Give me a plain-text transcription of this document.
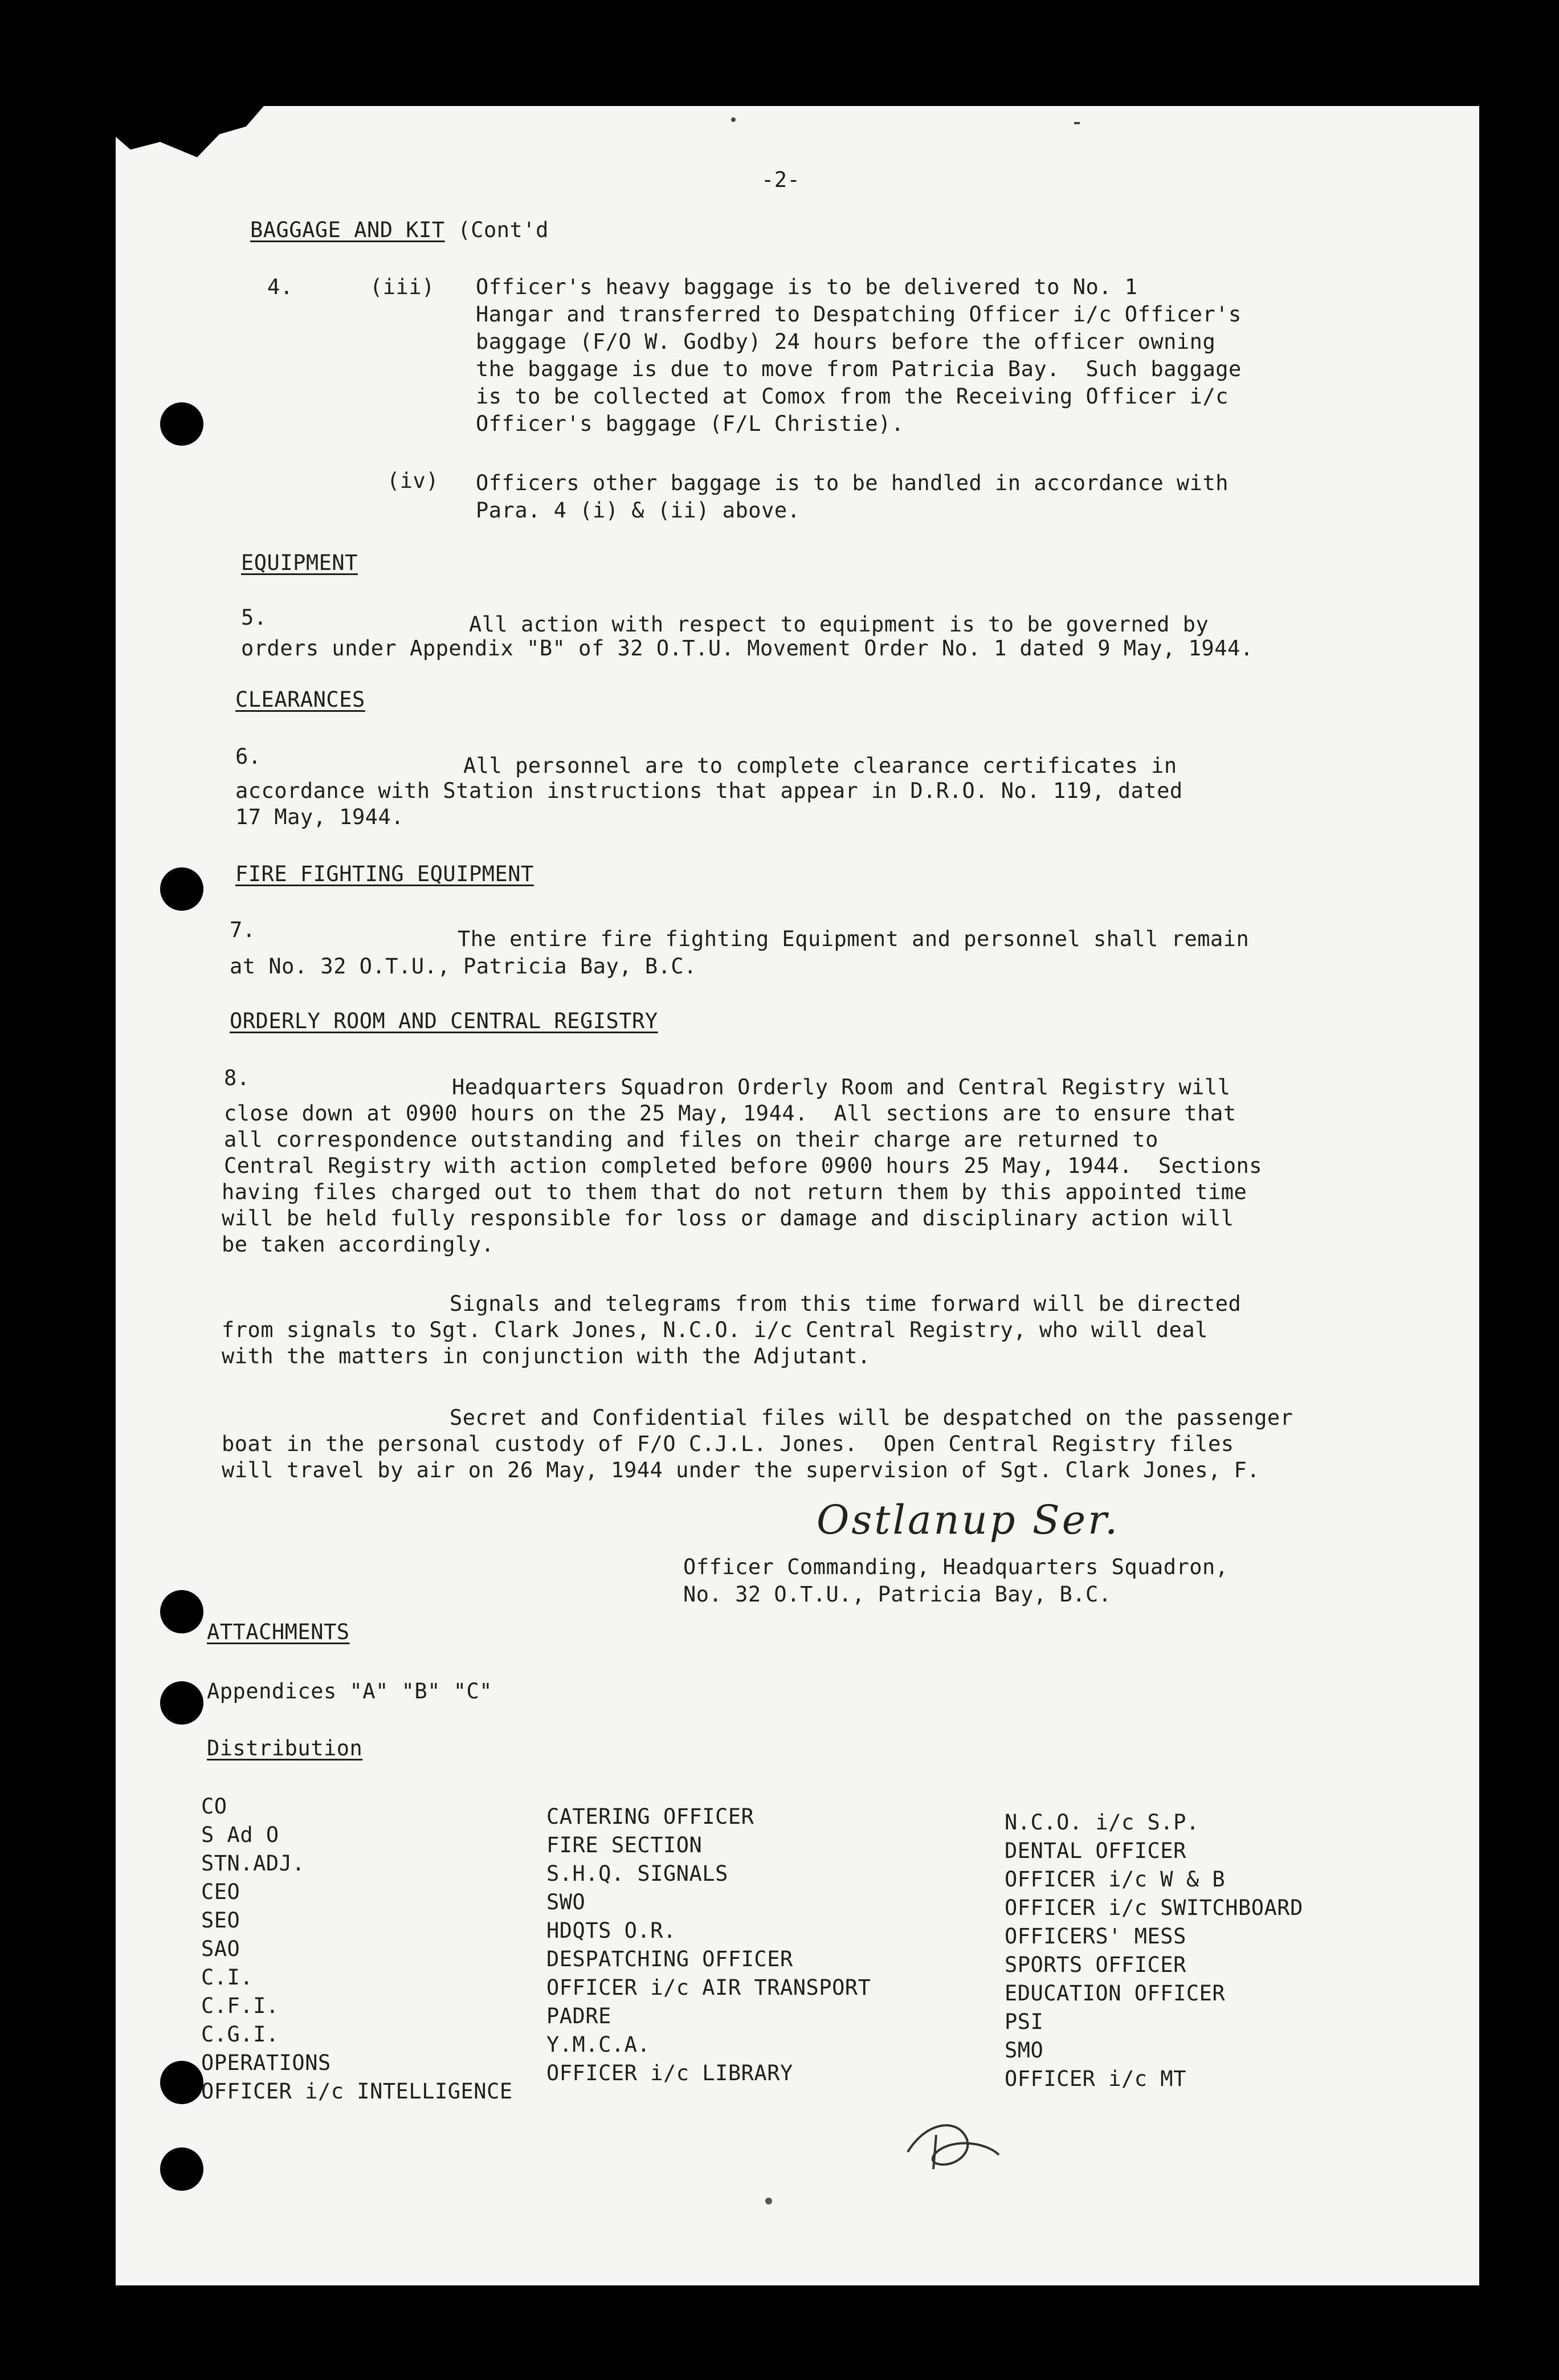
-2-
BAGGAGE AND KIT (Cont'd
4.	(iii) Officer's heavy baggage is to be delivered to No. 1
Hangar and transferred to Despatching Officer i/c Officer's
baggage (F/O W. Godby) 24 hours before the officer owning
the baggage is due to move from Patricia Bay.  Such baggage
is to be collected at Comox from the Receiving Officer i/c
Officer's baggage (F/L Christie).
(iv) Officers other baggage is to be handled in accordance with
Para. 4 (i) & (ii) above.
EQUIPMENT
5.	All action with respect to equipment is to be governed by
orders under Appendix "B" of 32 O.T.U. Movement Order No. 1 dated 9 May, 1944.
CLEARANCES
6.	All personnel are to complete clearance certificates in
accordance with Station instructions that appear in D.R.O. No. 119, dated
17 May, 1944.
FIRE FIGHTING EQUIPMENT
7.	The entire fire fighting Equipment and personnel shall remain
at No. 32 O.T.U., Patricia Bay, B.C.
ORDERLY ROOM AND CENTRAL REGISTRY
8.	Headquarters Squadron Orderly Room and Central Registry will
close down at 0900 hours on the 25 May, 1944.  All sections are to ensure that
all correspondence outstanding and files on their charge are returned to
Central Registry with action completed before 0900 hours 25 May, 1944.  Sections
having files charged out to them that do not return them by this appointed time
will be held fully responsible for loss or damage and disciplinary action will
be taken accordingly.
Signals and telegrams from this time forward will be directed
from signals to Sgt. Clark Jones, N.C.O. i/c Central Registry, who will deal
with the matters in conjunction with the Adjutant.
Secret and Confidential files will be despatched on the passenger
boat in the personal custody of F/O C.J.L. Jones.  Open Central Registry files
will travel by air on 26 May, 1944 under the supervision of Sgt. Clark Jones, F.
Ostlanup Ser.
Officer Commanding, Headquarters Squadron,
No. 32 O.T.U., Patricia Bay, B.C.
ATTACHMENTS
Appendices "A" "B" "C"
Distribution
CO
S Ad O
STN.ADJ.
CEO
SEO
SAO
C.I.
C.F.I.
C.G.I.
OPERATIONS
OFFICER i/c INTELLIGENCE
CATERING OFFICER
FIRE SECTION
S.H.Q. SIGNALS
SWO
HDQTS O.R.
DESPATCHING OFFICER
OFFICER i/c AIR TRANSPORT
PADRE
Y.M.C.A.
OFFICER i/c LIBRARY
N.C.O. i/c S.P.
DENTAL OFFICER
OFFICER i/c W & B
OFFICER i/c SWITCHBOARD
OFFICERS' MESS
SPORTS OFFICER
EDUCATION OFFICER
PSI
SMO
OFFICER i/c MT
